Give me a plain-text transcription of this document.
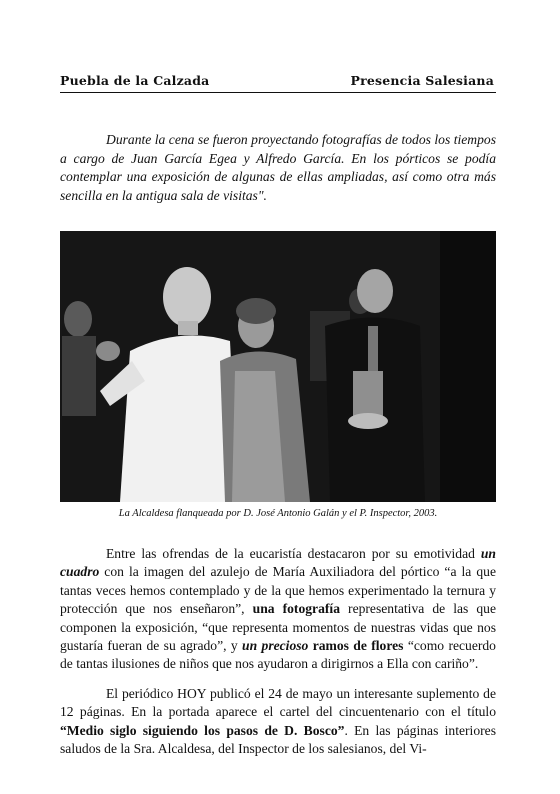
Puebla de la Calzada	Presencia Salesiana

Durante la cena se fueron proyectando fotografías de todos los tiempos a cargo de Juan García Egea y Alfredo García. En los pórticos se podía contemplar una exposición de algunas de ellas ampliadas, así como otra más sencilla en la antigua sala de visitas".

La Alcaldesa flanqueada por D. José Antonio Galán y el P. Inspector, 2003.

Entre las ofrendas de la eucaristía destacaron por su emotividad un cuadro con la imagen del azulejo de María Auxiliadora del pórtico “a la que tantas veces hemos contemplado y de la que hemos experimentado la ternura y protección que nos enseñaron”, una fotografía representativa de las que componen la exposición, “que representa momentos de nuestras vidas que nos gustaría fueran de su agrado”, y un precioso ramos de flores “como recuerdo de tantas ilusiones de niños que nos ayudaron a dirigirnos a Ella con cariño”.

El periódico HOY publicó el 24 de mayo un interesante suplemento de 12 páginas. En la portada aparece el cartel del cincuentenario con el título “Medio siglo siguiendo los pasos de D. Bosco”. En las páginas interiores saludos de la Sra. Alcaldesa, del Inspector de los salesianos, del Vi-
